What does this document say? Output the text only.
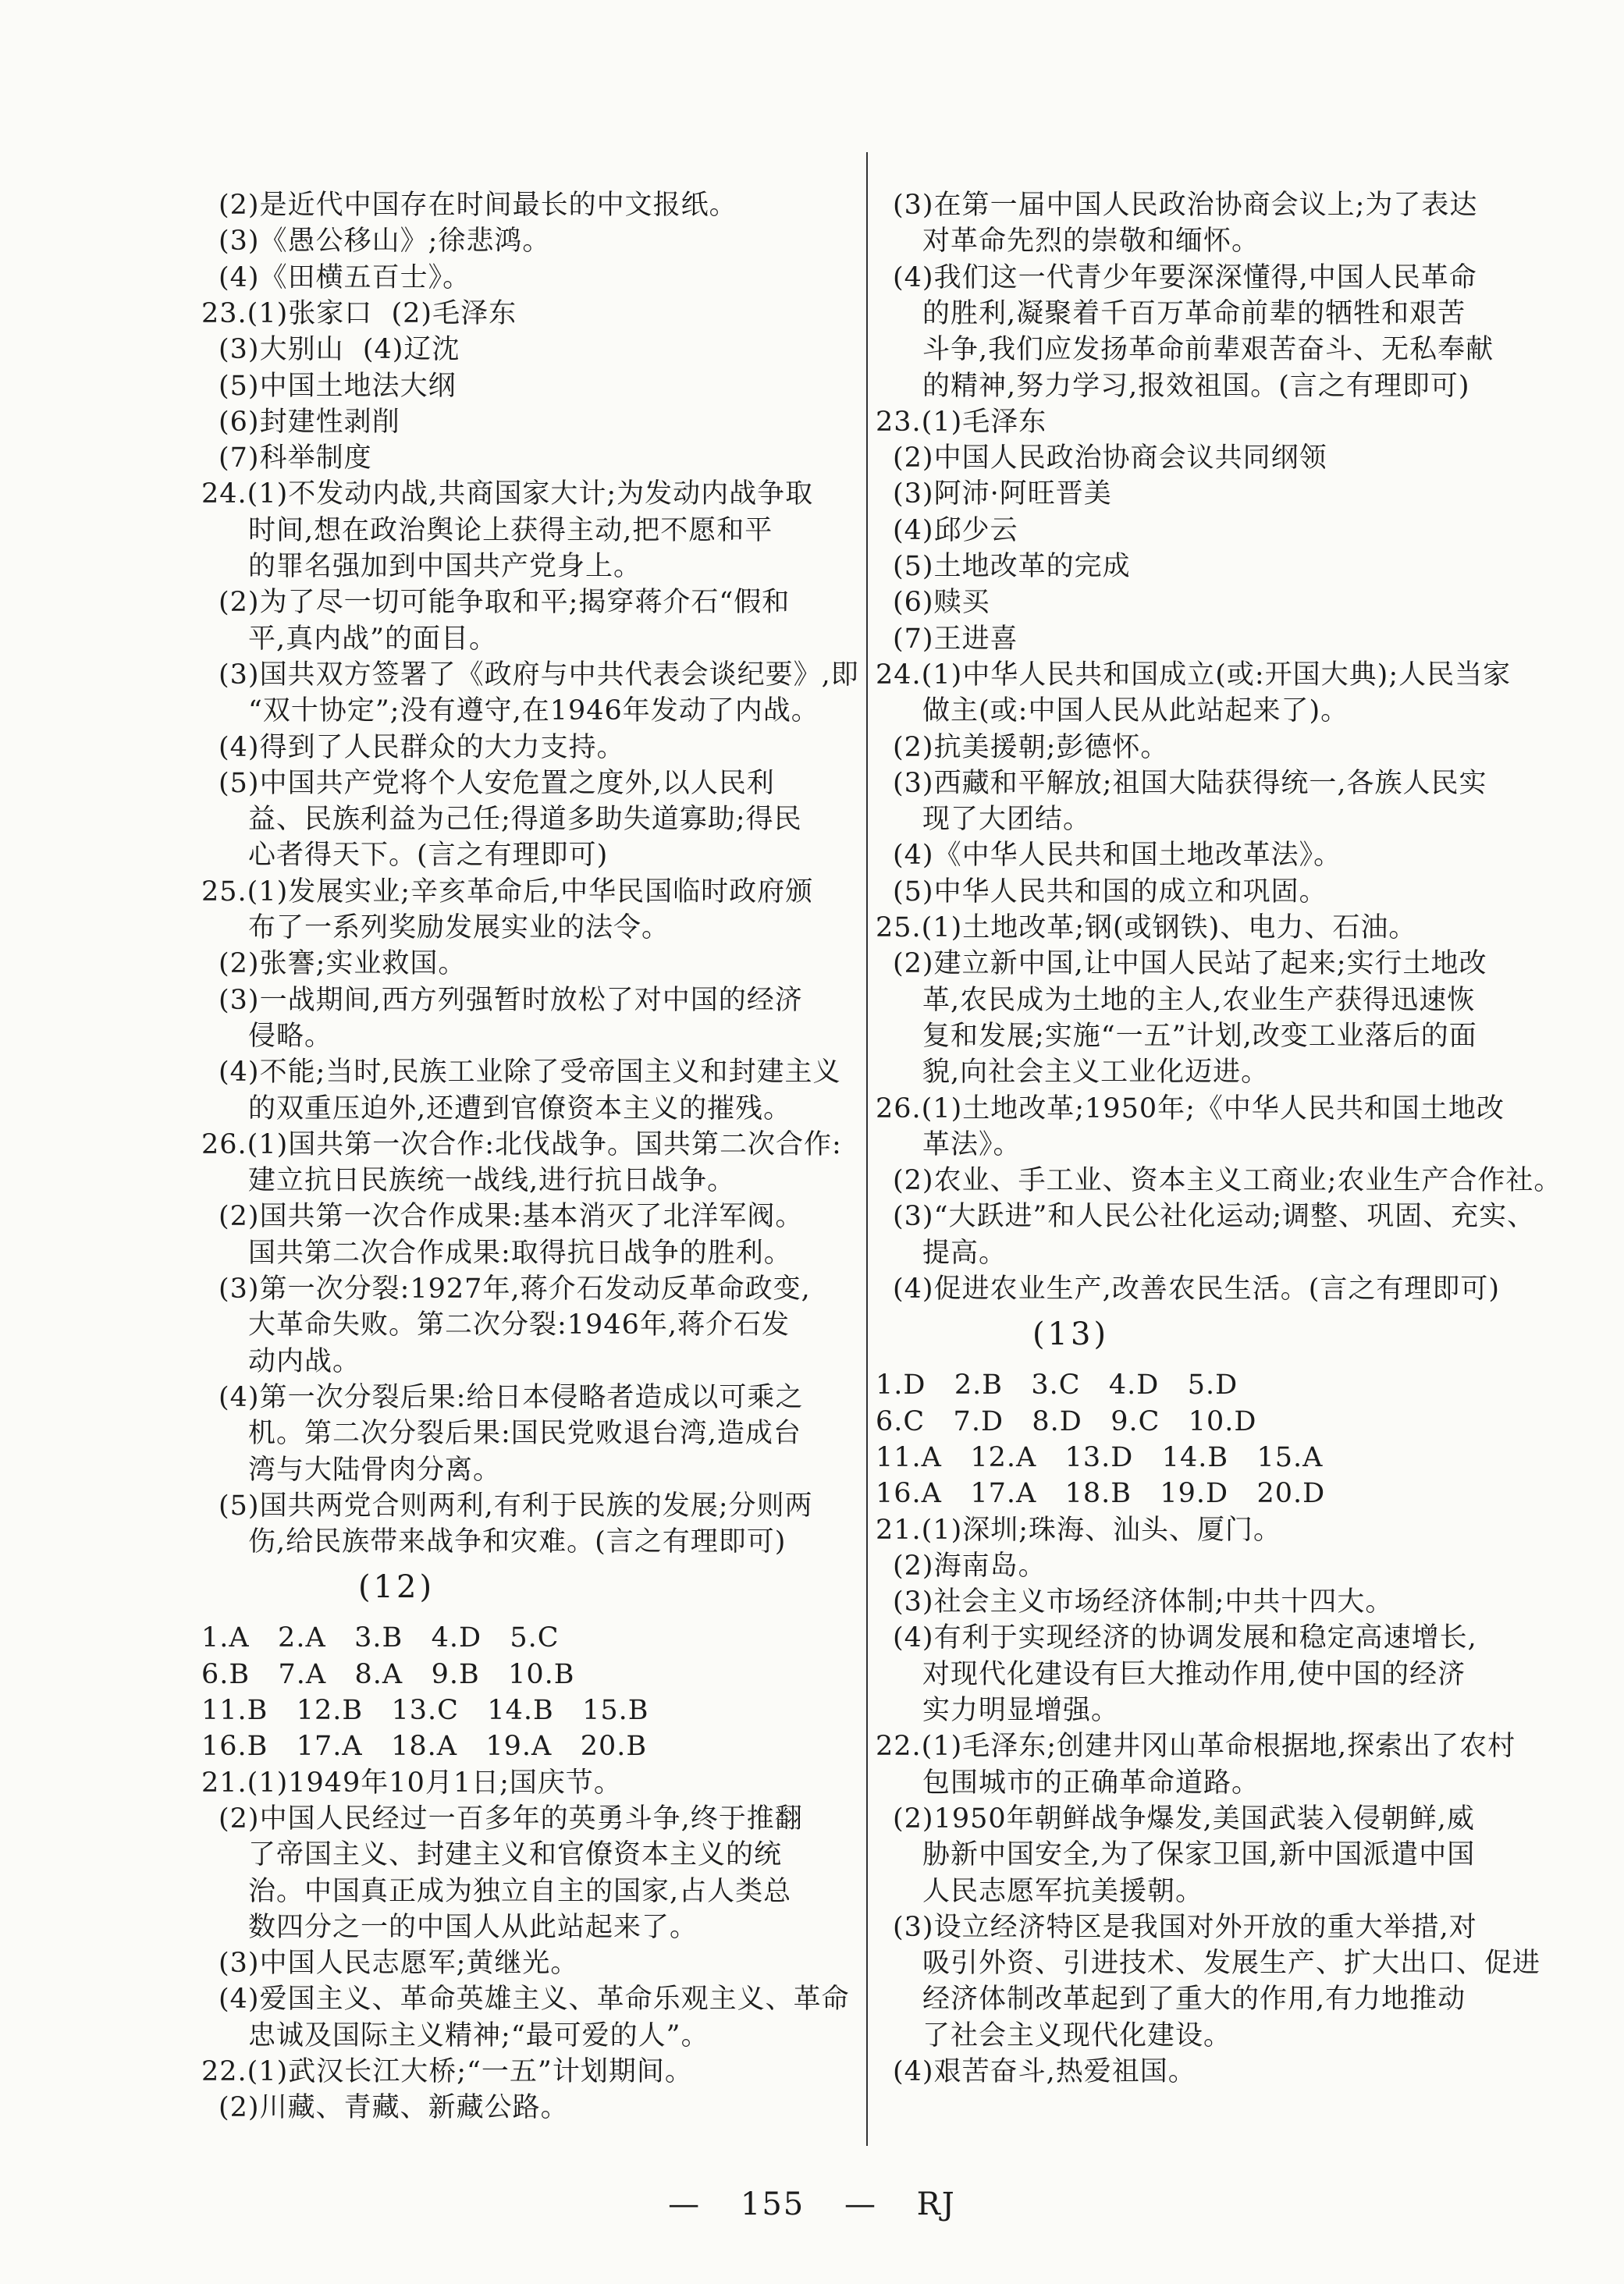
(2)是近代中国存在时间最长的中文报纸。
(3)《愚公移山》;徐悲鸿。
(4)《田横五百士》。
23.(1)张家口  (2)毛泽东
(3)大别山  (4)辽沈
(5)中国土地法大纲
(6)封建性剥削
(7)科举制度
24.(1)不发动内战,共商国家大计;为发动内战争取
时间,想在政治舆论上获得主动,把不愿和平
的罪名强加到中国共产党身上。
(2)为了尽一切可能争取和平;揭穿蒋介石“假和
平,真内战”的面目。
(3)国共双方签署了《政府与中共代表会谈纪要》,即
“双十协定”;没有遵守,在1946年发动了内战。
(4)得到了人民群众的大力支持。
(5)中国共产党将个人安危置之度外,以人民利
益、民族利益为己任;得道多助失道寡助;得民
心者得天下。(言之有理即可)
25.(1)发展实业;辛亥革命后,中华民国临时政府颁
布了一系列奖励发展实业的法令。
(2)张謇;实业救国。
(3)一战期间,西方列强暂时放松了对中国的经济
侵略。
(4)不能;当时,民族工业除了受帝国主义和封建主义
的双重压迫外,还遭到官僚资本主义的摧残。
26.(1)国共第一次合作:北伐战争。国共第二次合作:
建立抗日民族统一战线,进行抗日战争。
(2)国共第一次合作成果:基本消灭了北洋军阀。
国共第二次合作成果:取得抗日战争的胜利。
(3)第一次分裂:1927年,蒋介石发动反革命政变,
大革命失败。第二次分裂:1946年,蒋介石发
动内战。
(4)第一次分裂后果:给日本侵略者造成以可乘之
机。第二次分裂后果:国民党败退台湾,造成台
湾与大陆骨肉分离。
(5)国共两党合则两利,有利于民族的发展;分则两
伤,给民族带来战争和灾难。(言之有理即可)
(12)
1.A   2.A   3.B   4.D   5.C
6.B   7.A   8.A   9.B   10.B
11.B   12.B   13.C   14.B   15.B
16.B   17.A   18.A   19.A   20.B
21.(1)1949年10月1日;国庆节。
(2)中国人民经过一百多年的英勇斗争,终于推翻
了帝国主义、封建主义和官僚资本主义的统
治。中国真正成为独立自主的国家,占人类总
数四分之一的中国人从此站起来了。
(3)中国人民志愿军;黄继光。
(4)爱国主义、革命英雄主义、革命乐观主义、革命
忠诚及国际主义精神;“最可爱的人”。
22.(1)武汉长江大桥;“一五”计划期间。
(2)川藏、青藏、新藏公路。
(3)在第一届中国人民政治协商会议上;为了表达
对革命先烈的崇敬和缅怀。
(4)我们这一代青少年要深深懂得,中国人民革命
的胜利,凝聚着千百万革命前辈的牺牲和艰苦
斗争,我们应发扬革命前辈艰苦奋斗、无私奉献
的精神,努力学习,报效祖国。(言之有理即可)
23.(1)毛泽东
(2)中国人民政治协商会议共同纲领
(3)阿沛·阿旺晋美
(4)邱少云
(5)土地改革的完成
(6)赎买
(7)王进喜
24.(1)中华人民共和国成立(或:开国大典);人民当家
做主(或:中国人民从此站起来了)。
(2)抗美援朝;彭德怀。
(3)西藏和平解放;祖国大陆获得统一,各族人民实
现了大团结。
(4)《中华人民共和国土地改革法》。
(5)中华人民共和国的成立和巩固。
25.(1)土地改革;钢(或钢铁)、电力、石油。
(2)建立新中国,让中国人民站了起来;实行土地改
革,农民成为土地的主人,农业生产获得迅速恢
复和发展;实施“一五”计划,改变工业落后的面
貌,向社会主义工业化迈进。
26.(1)土地改革;1950年;《中华人民共和国土地改
革法》。
(2)农业、手工业、资本主义工商业;农业生产合作社。
(3)“大跃进”和人民公社化运动;调整、巩固、充实、
提高。
(4)促进农业生产,改善农民生活。(言之有理即可)
(13)
1.D   2.B   3.C   4.D   5.D
6.C   7.D   8.D   9.C   10.D
11.A   12.A   13.D   14.B   15.A
16.A   17.A   18.B   19.D   20.D
21.(1)深圳;珠海、汕头、厦门。
(2)海南岛。
(3)社会主义市场经济体制;中共十四大。
(4)有利于实现经济的协调发展和稳定高速增长,
对现代化建设有巨大推动作用,使中国的经济
实力明显增强。
22.(1)毛泽东;创建井冈山革命根据地,探索出了农村
包围城市的正确革命道路。
(2)1950年朝鲜战争爆发,美国武装入侵朝鲜,威
胁新中国安全,为了保家卫国,新中国派遣中国
人民志愿军抗美援朝。
(3)设立经济特区是我国对外开放的重大举措,对
吸引外资、引进技术、发展生产、扩大出口、促进
经济体制改革起到了重大的作用,有力地推动
了社会主义现代化建设。
(4)艰苦奋斗,热爱祖国。
— 155 — RJ
